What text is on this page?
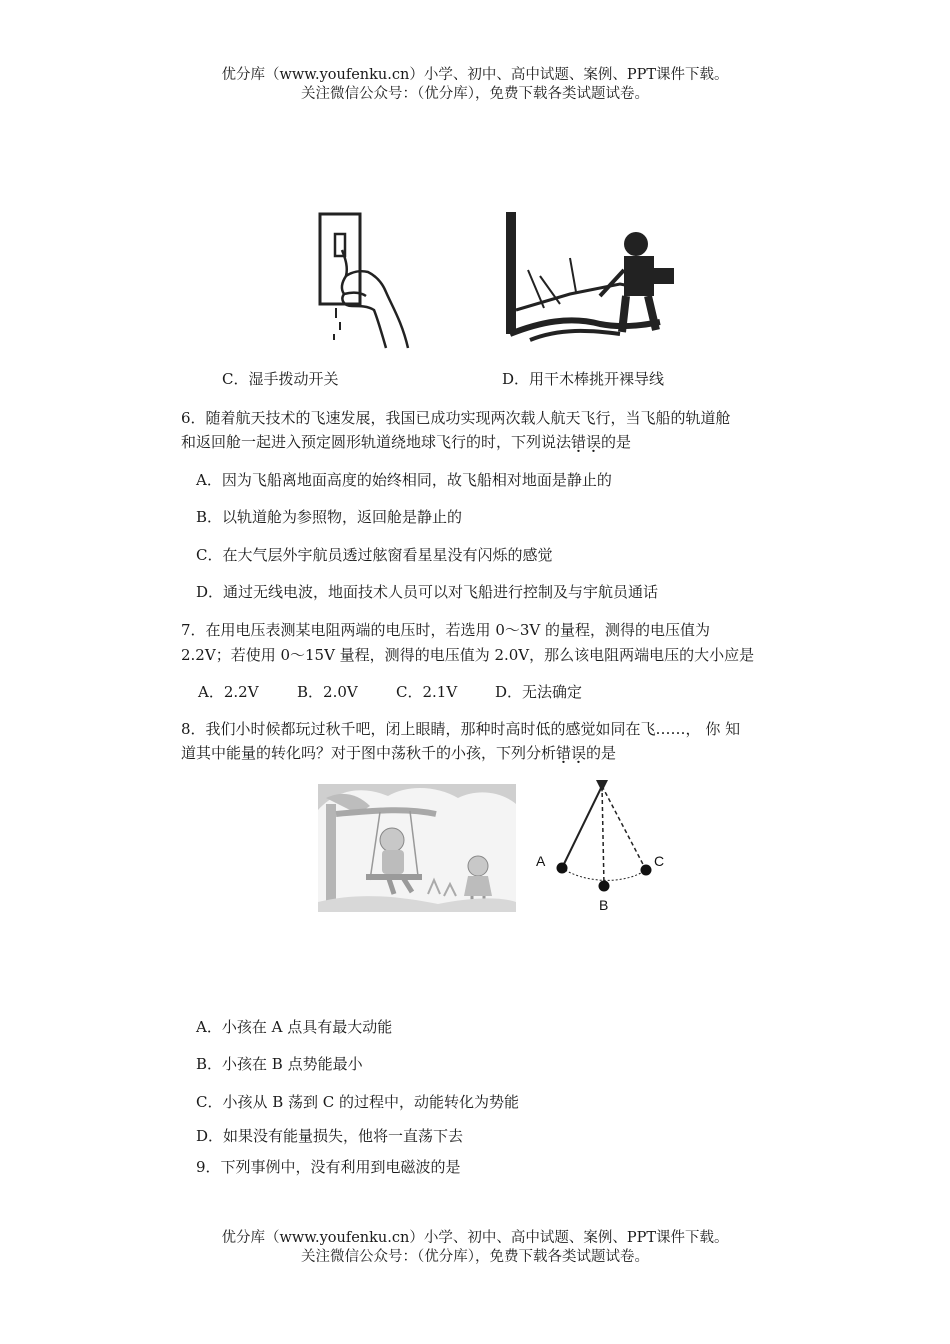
优分库（www.youfenku.cn）小学、初中、高中试题、案例、PPT课件下载。
关注微信公众号：（优分库），免费下载各类试题试卷。
C．湿手拨动开关	D．用干木棒挑开裸导线
6．随着航天技术的飞速发展，我国已成功实现两次载人航天飞行，当飞船的轨道舱
和返回舱一起进入预定圆形轨道绕地球飞行的时，下列说法错误的是
A．因为飞船离地面高度的始终相同，故飞船相对地面是静止的
B．以轨道舱为参照物，返回舱是静止的
C．在大气层外宇航员透过舷窗看星星没有闪烁的感觉
D．通过无线电波，地面技术人员可以对飞船进行控制及与宇航员通话
7．在用电压表测某电阻两端的电压时，若选用 0～3V 的量程，测得的电压值为
2.2V；若使用 0～15V 量程，测得的电压值为 2.0V，那么该电阻两端电压的大小应是
A．2.2V	B．2.0V	C．2.1V	D．无法确定
8．我们小时候都玩过秋千吧，闭上眼睛，那种时高时低的感觉如同在飞……， 你 知
道其中能量的转化吗？对于图中荡秋千的小孩，下列分析错误的是
A
B
C
A．小孩在 A 点具有最大动能
B．小孩在 B 点势能最小
C．小孩从 B 荡到 C 的过程中，动能转化为势能
D．如果没有能量损失，他将一直荡下去
9．下列事例中，没有利用到电磁波的是
优分库（www.youfenku.cn）小学、初中、高中试题、案例、PPT课件下载。
关注微信公众号：（优分库），免费下载各类试题试卷。
